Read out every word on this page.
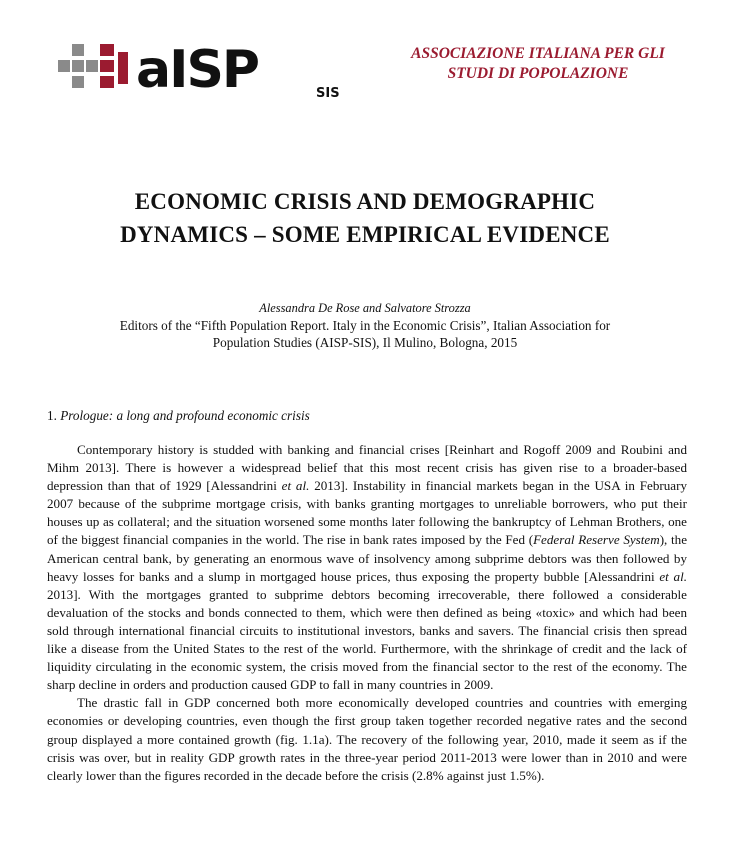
aISP	SIS
ASSOCIAZIONE ITALIANA PER GLI
STUDI DI POPOLAZIONE
ECONOMIC CRISIS AND DEMOGRAPHIC
DYNAMICS – SOME EMPIRICAL EVIDENCE
Alessandra De Rose and Salvatore Strozza
Editors of the “Fifth Population Report. Italy in the Economic Crisis”, Italian Association for
Population Studies (AISP-SIS), Il Mulino, Bologna, 2015
1. Prologue: a long and profound economic crisis

Contemporary history is studded with banking and financial crises [Reinhart and Rogoff 2009 and Roubini and Mihm 2013]. There is however a widespread belief that this most recent crisis has given rise to a broader-based depression than that of 1929 [Alessandrini et al. 2013]. Instability in financial markets began in the USA in February 2007 because of the subprime mortgage crisis, with banks granting mortgages to unreliable borrowers, who put their houses up as collateral; and the situation worsened some months later following the bankruptcy of Lehman Brothers, one of the biggest financial companies in the world. The rise in bank rates imposed by the Fed (Federal Reserve System), the American central bank, by generating an enormous wave of insolvency among subprime debtors was then followed by heavy losses for banks and a slump in mortgaged house prices, thus exposing the property bubble [Alessandrini et al. 2013]. With the mortgages granted to subprime debtors becoming irrecoverable, there followed a considerable devaluation of the stocks and bonds connected to them, which were then defined as being «toxic» and which had been sold through international financial circuits to institutional investors, banks and savers. The financial crisis then spread like a disease from the United States to the rest of the world. Furthermore, with the shrinkage of credit and the lack of liquidity circulating in the economic system, the crisis moved from the financial sector to the rest of the economy. The sharp decline in orders and production caused GDP to fall in many countries in 2009.

The drastic fall in GDP concerned both more economically developed countries and countries with emerging economies or developing countries, even though the first group taken together recorded negative rates and the second group displayed a more contained growth (fig. 1.1a). The recovery of the following year, 2010, made it seem as if the crisis was over, but in reality GDP growth rates in the three-year period 2011-2013 were lower than in 2010 and were clearly lower than the figures recorded in the decade before the crisis (2.8% against just 1.5%).
